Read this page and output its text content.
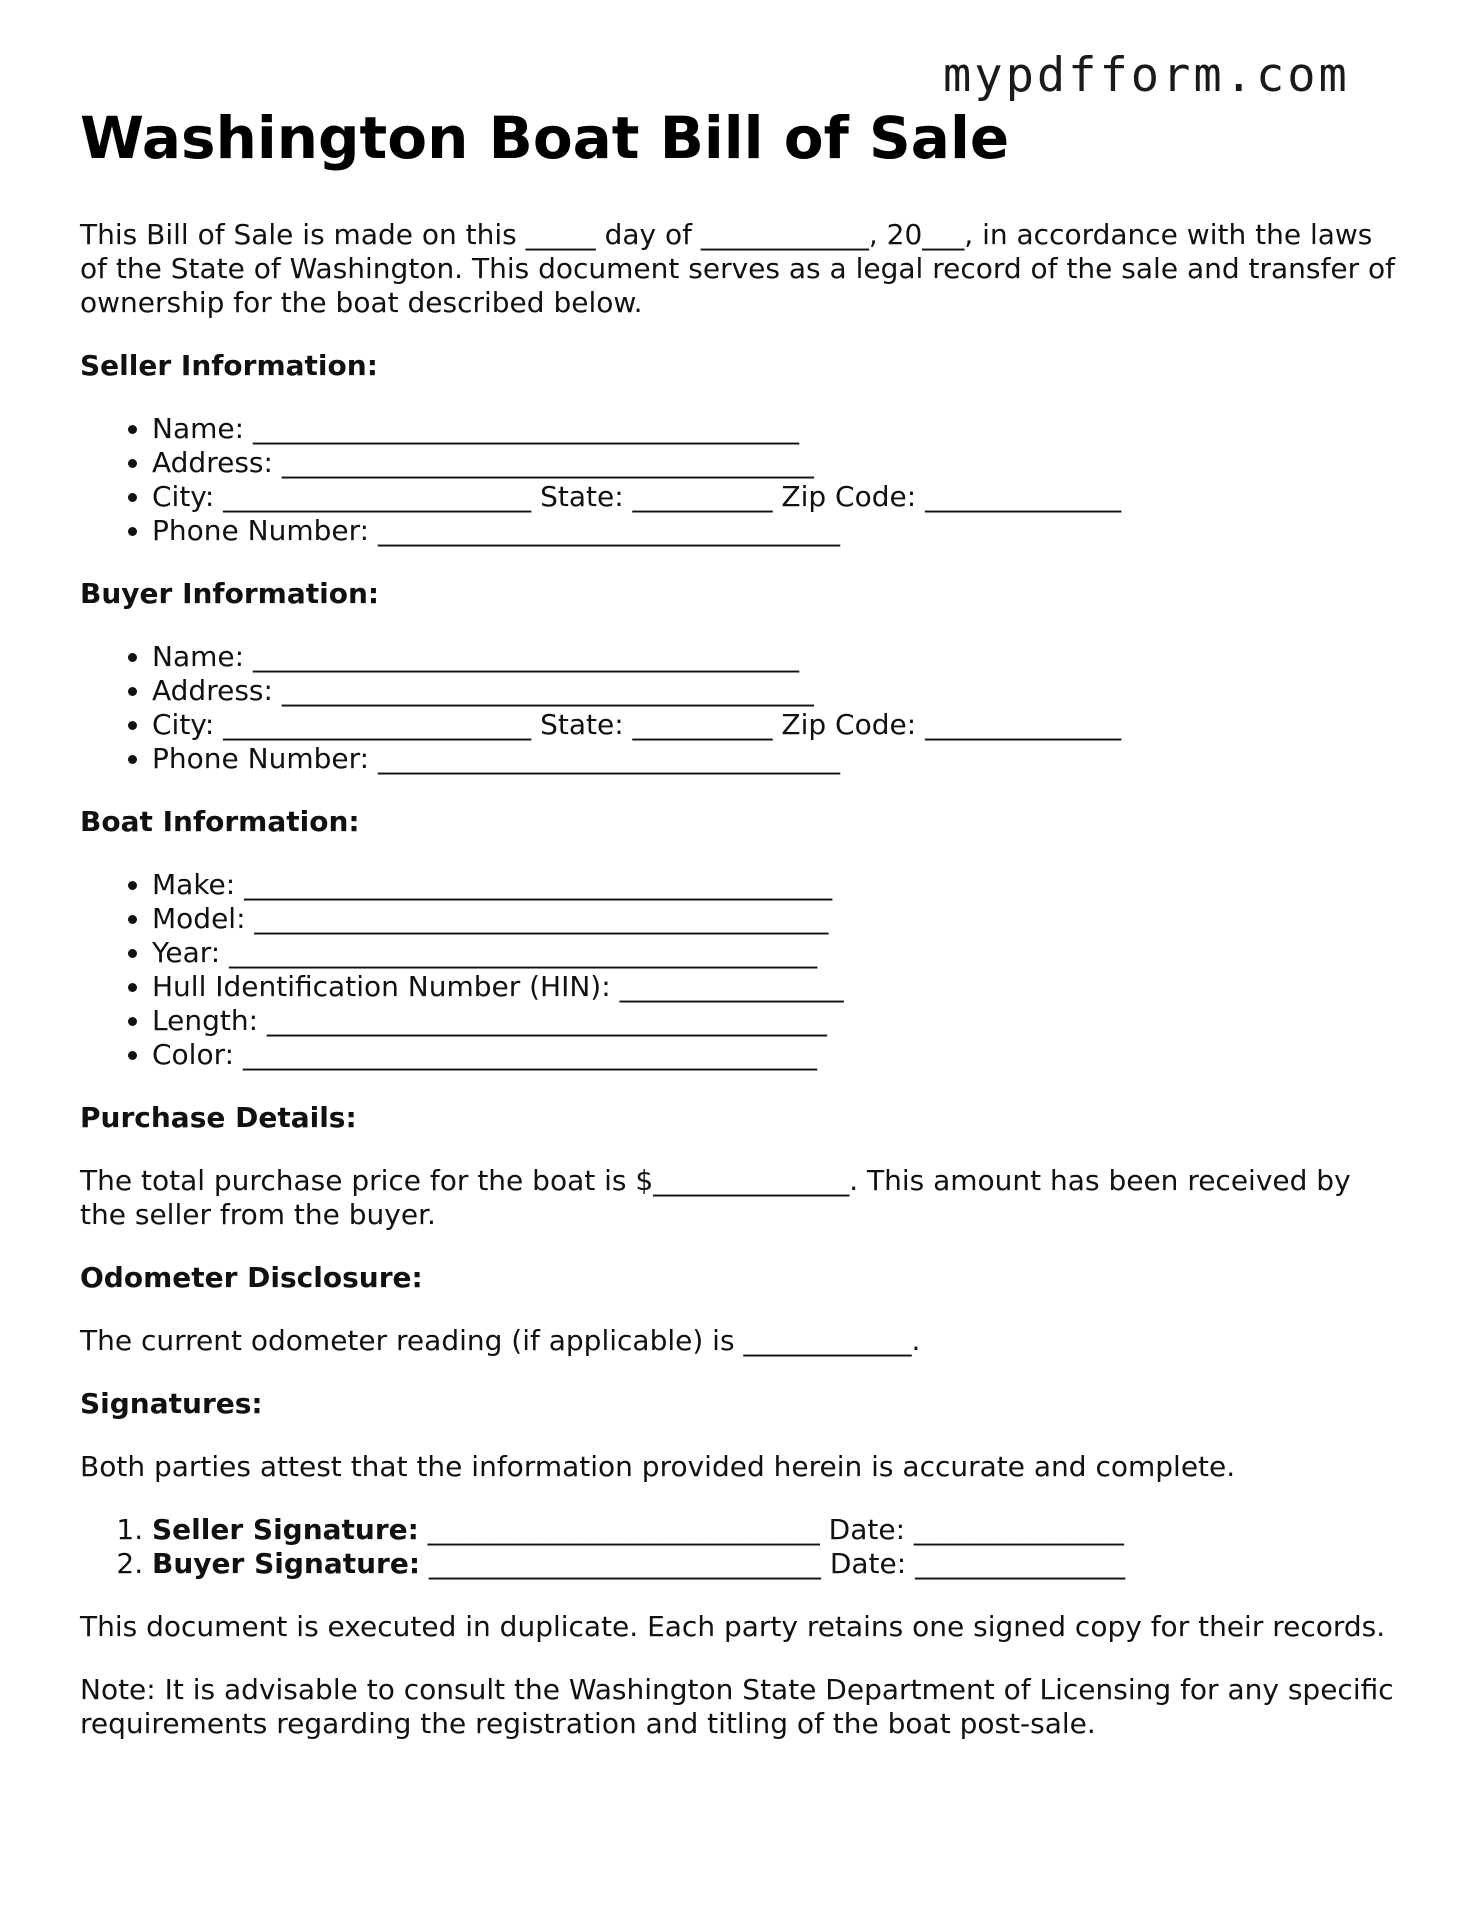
mypdfform.com
Washington Boat Bill of Sale

This Bill of Sale is made on this _____ day of ____________, 20___, in accordance with the laws of the State of Washington. This document serves as a legal record of the sale and transfer of ownership for the boat described below.

Seller Information:
• Name: _______________________________________
• Address: ______________________________________
• City: ______________________ State: __________ Zip Code: ______________
• Phone Number: _________________________________
Buyer Information:
• Name: _______________________________________
• Address: ______________________________________
• City: ______________________ State: __________ Zip Code: ______________
• Phone Number: _________________________________
Boat Information:
• Make: __________________________________________
• Model: _________________________________________
• Year: __________________________________________
• Hull Identification Number (HIN): ________________
• Length: ________________________________________
• Color: _________________________________________
Purchase Details:

The total purchase price for the boat is $______________. This amount has been received by the seller from the buyer.

Odometer Disclosure:

The current odometer reading (if applicable) is ____________.

Signatures:

Both parties attest that the information provided herein is accurate and complete.

1. Seller Signature: ____________________________ Date: _______________
2. Buyer Signature: ____________________________ Date: _______________

This document is executed in duplicate. Each party retains one signed copy for their records.

Note: It is advisable to consult the Washington State Department of Licensing for any specific requirements regarding the registration and titling of the boat post-sale.
